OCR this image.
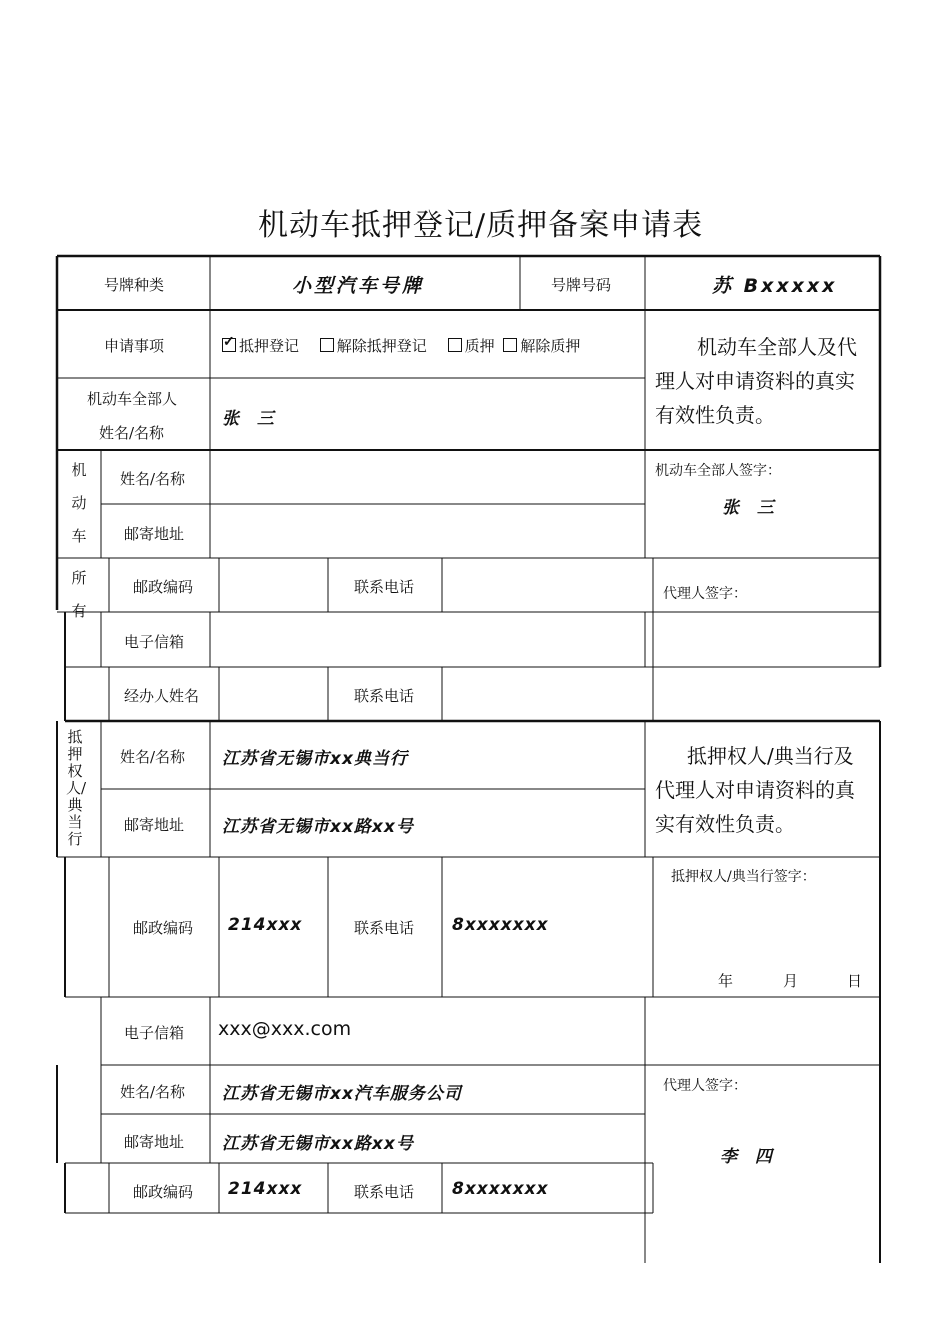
机动车抵押登记/质押备案申请表
号牌种类	小型汽车号牌	号牌号码	苏 Bxxxxx
申请事项
✓	抵押登记	解除抵押登记	质押 解除质押	机动车全部人及代理人对申请资料的真实有效性负责。
机动车全部人
姓名/名称
张 三
机
动
车
所
有
姓名/名称
邮寄地址
机动车全部人签字：
张 三
邮政编码	联系电话	代理人签字：
电子信箱
经办人姓名	联系电话
抵押权人/典当行
姓名/名称 江苏省无锡市xx典当行
邮寄地址 江苏省无锡市xx路xx号
抵押权人/典当行及代理人对申请资料的真实有效性负责。
邮政编码 214xxx	联系电话 8xxxxxxx
抵押权人/典当行签字：
年	月	日
电子信箱 xxx@xxx.com
姓名/名称 江苏省无锡市xx汽车服务公司
邮寄地址 江苏省无锡市xx路xx号
代理人签字：
李 四
邮政编码 214xxx	联系电话 8xxxxxxx
